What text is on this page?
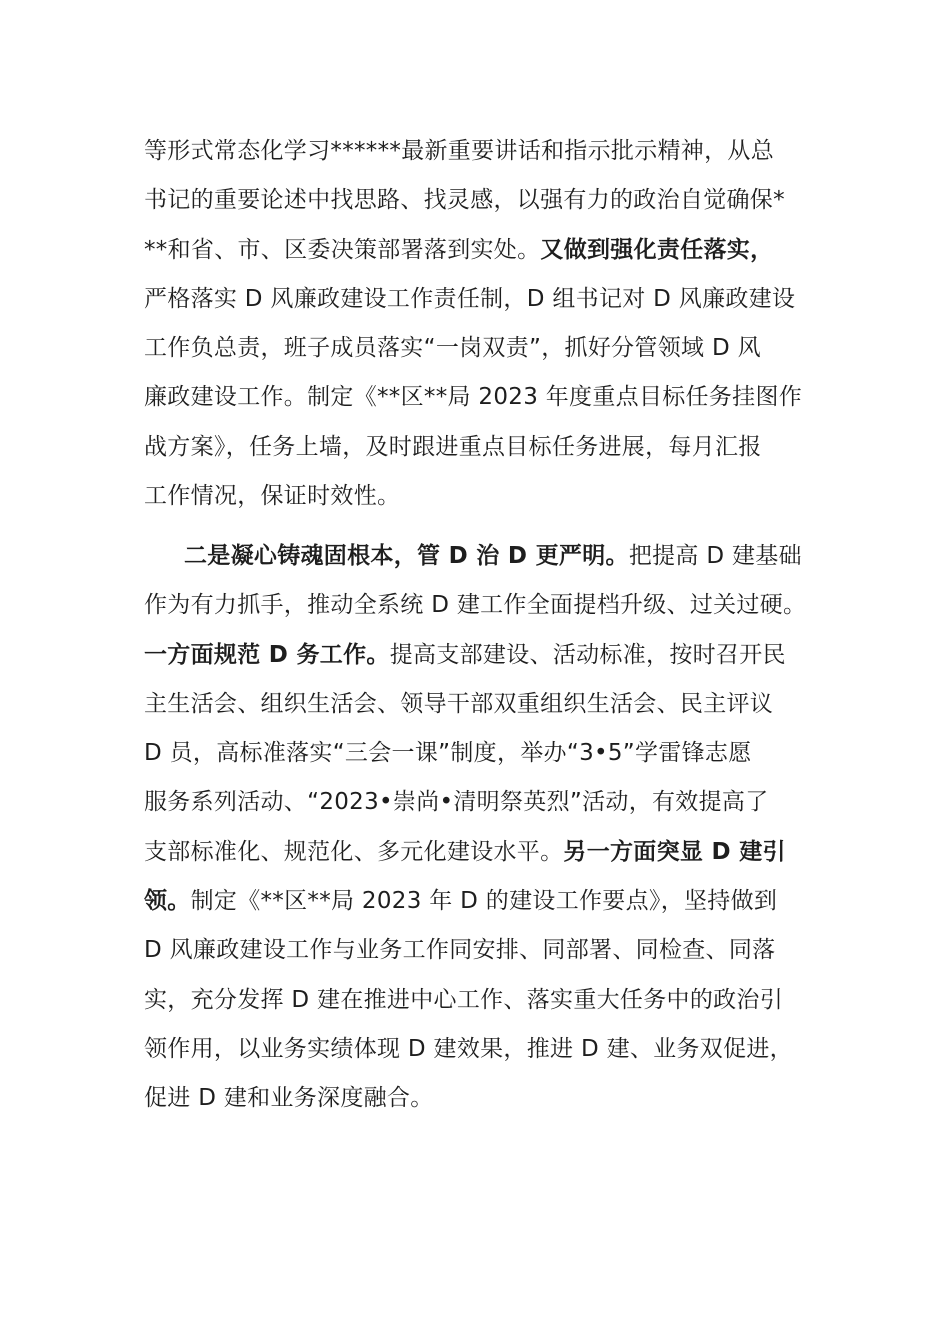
等形式常态化学习******最新重要讲话和指示批示精神，从总
书记的重要论述中找思路、找灵感，以强有力的政治自觉确保*
**和省、市、区委决策部署落到实处。又做到强化责任落实，
严格落实 D 风廉政建设工作责任制，D 组书记对 D 风廉政建设
工作负总责，班子成员落实“一岗双责”，抓好分管领域 D 风
廉政建设工作。制定《**区**局 2023 年度重点目标任务挂图作
战方案》，任务上墙，及时跟进重点目标任务进展，每月汇报
工作情况，保证时效性。
二是凝心铸魂固根本，管 D 治 D 更严明。把提高 D 建基础
作为有力抓手，推动全系统 D 建工作全面提档升级、过关过硬。
一方面规范 D 务工作。提高支部建设、活动标准，按时召开民
主生活会、组织生活会、领导干部双重组织生活会、民主评议
D 员，高标准落实“三会一课”制度，举办“3•5”学雷锋志愿
服务系列活动、“2023•崇尚•清明祭英烈”活动，有效提高了
支部标准化、规范化、多元化建设水平。另一方面突显 D 建引
领。制定《**区**局 2023 年 D 的建设工作要点》，坚持做到
D 风廉政建设工作与业务工作同安排、同部署、同检查、同落
实，充分发挥 D 建在推进中心工作、落实重大任务中的政治引
领作用，以业务实绩体现 D 建效果，推进 D 建、业务双促进，
促进 D 建和业务深度融合。
